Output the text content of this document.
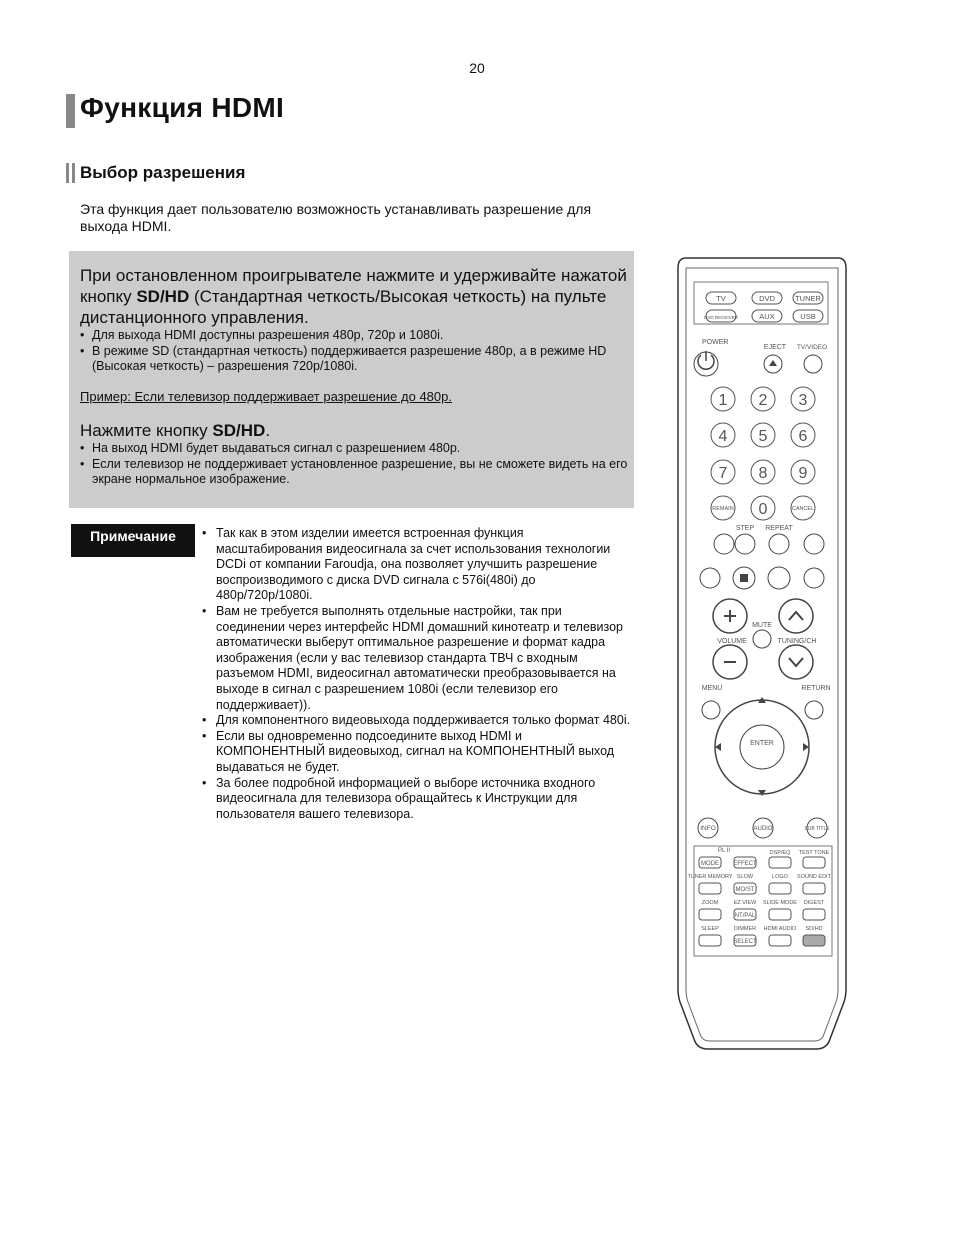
20
Функция HDMI
Выбор разрешения
Эта функция дает пользователю возможность устанавливать разрешение для выхода HDMI.
При остановленном проигрывателе нажмите и удерживайте нажатой кнопку SD/HD (Стандартная четкость/Высокая четкость) на пульте дистанционного управления.
• Для выхода HDMI доступны разрешения 480p, 720p и 1080i.
• В режиме SD (стандартная четкость) поддерживается разрешение 480p, а в режиме HD (Высокая четкость) – разрешения 720p/1080i.
Пример: Если телевизор поддерживает разрешение до 480p.
Нажмите кнопку SD/HD.
• На выход HDMI будет выдаваться сигнал с разрешением 480p.
• Если телевизор не поддерживает установленное разрешение, вы не сможете видеть на его экране нормальное изображение.
Примечание
•	Так как в этом изделии имеется встроенная функция масштабирования видеосигнала за счет использования технологии DCDi от компании Faroudja, она позволяет улучшить разрешение воспроизводимого с диска DVD сигнала с 576i(480i) до 480p/720p/1080i.
• Вам не требуется выполнять отдельные настройки, так при соединении через интерфейс HDMI домашний кинотеатр и телевизор автоматически выберут оптимальное разрешение и формат кадра изображения (если у вас телевизор стандарта ТВЧ с входным разъемом HDMI, видеосигнал автоматически преобразовывается на выходе в сигнал с разрешением 1080i (если телевизор его поддерживает)).
• Для компонентного видеовыхода поддерживается только формат 480i.
• Если вы одновременно подсоедините выход HDMI и КОМПОНЕНТНЫЙ видеовыход, сигнал на КОМПОНЕНТНЫЙ выход выдаваться не будет.
• За более подробной информацией о выборе источника входного видеосигнала для телевизора обращайтесь к Инструкции для пользователя вашего телевизора.
TV	DVD	TUNER
DVD RECEIVER	AUX	USB
POWER
EJECT TV/VIDEO
STEP REPEAT
MUTE
VOLUME	TUNING/CH
MENU	RETURN
ENTER
1 2 3
4 5 6
7 8 9
REMAIN 0	CANCEL
INFO	AUDIO	SUB TITLE
PL II	DSP/EQ TEST TONE
TUNER MEMORY SLOW	LOGO SOUND EDIT
ZOOM	EZ VIEW SLIDE MODE DIGEST
SLEEP	DIMMER HDMI AUDIO SD/HD
MODE EFFECT
MO/ST
NT/PAL
SELECT
